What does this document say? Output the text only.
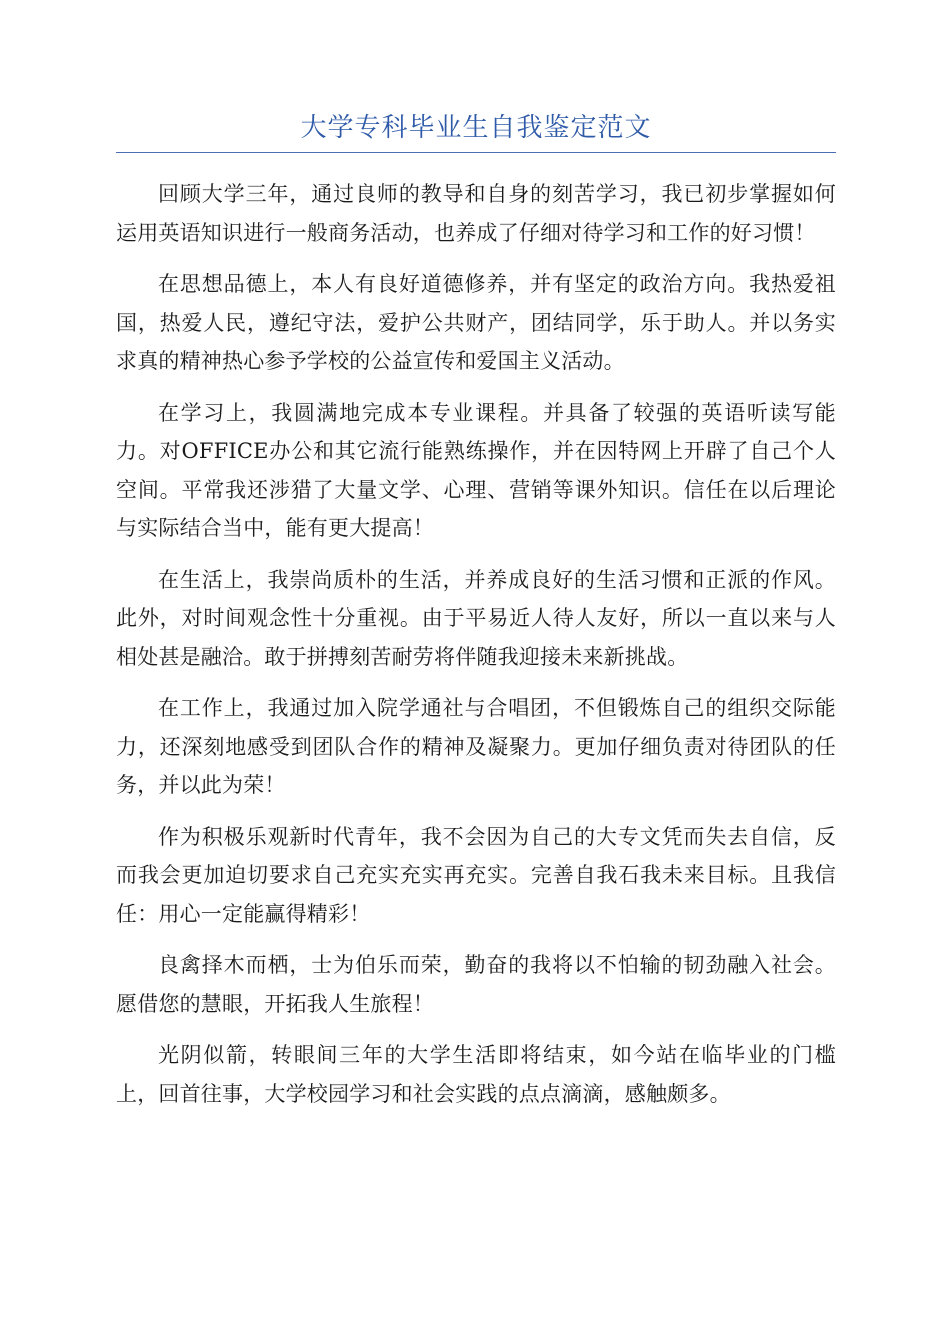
大学专科毕业生自我鉴定范文

回顾大学三年，通过良师的教导和自身的刻苦学习，我已初步掌握如何运用英语知识进行一般商务活动，也养成了仔细对待学习和工作的好习惯！

在思想品德上，本人有良好道德修养，并有坚定的政治方向。我热爱祖国，热爱人民，遵纪守法，爱护公共财产，团结同学，乐于助人。并以务实求真的精神热心参予学校的公益宣传和爱国主义活动。

在学习上，我圆满地完成本专业课程。并具备了较强的英语听读写能力。对OFFICE办公和其它流行能熟练操作，并在因特网上开辟了自己个人空间。平常我还涉猎了大量文学、心理、营销等课外知识。信任在以后理论与实际结合当中，能有更大提高！

在生活上，我崇尚质朴的生活，并养成良好的生活习惯和正派的作风。此外，对时间观念性十分重视。由于平易近人待人友好，所以一直以来与人相处甚是融洽。敢于拼搏刻苦耐劳将伴随我迎接未来新挑战。

在工作上，我通过加入院学通社与合唱团，不但锻炼自己的组织交际能力，还深刻地感受到团队合作的精神及凝聚力。更加仔细负责对待团队的任务，并以此为荣！

作为积极乐观新时代青年，我不会因为自己的大专文凭而失去自信，反而我会更加迫切要求自己充实充实再充实。完善自我石我未来目标。且我信任：用心一定能赢得精彩！

良禽择木而栖，士为伯乐而荣，勤奋的我将以不怕输的韧劲融入社会。愿借您的慧眼，开拓我人生旅程！

光阴似箭，转眼间三年的大学生活即将结束，如今站在临毕业的门槛上，回首往事，大学校园学习和社会实践的点点滴滴，感触颇多。
